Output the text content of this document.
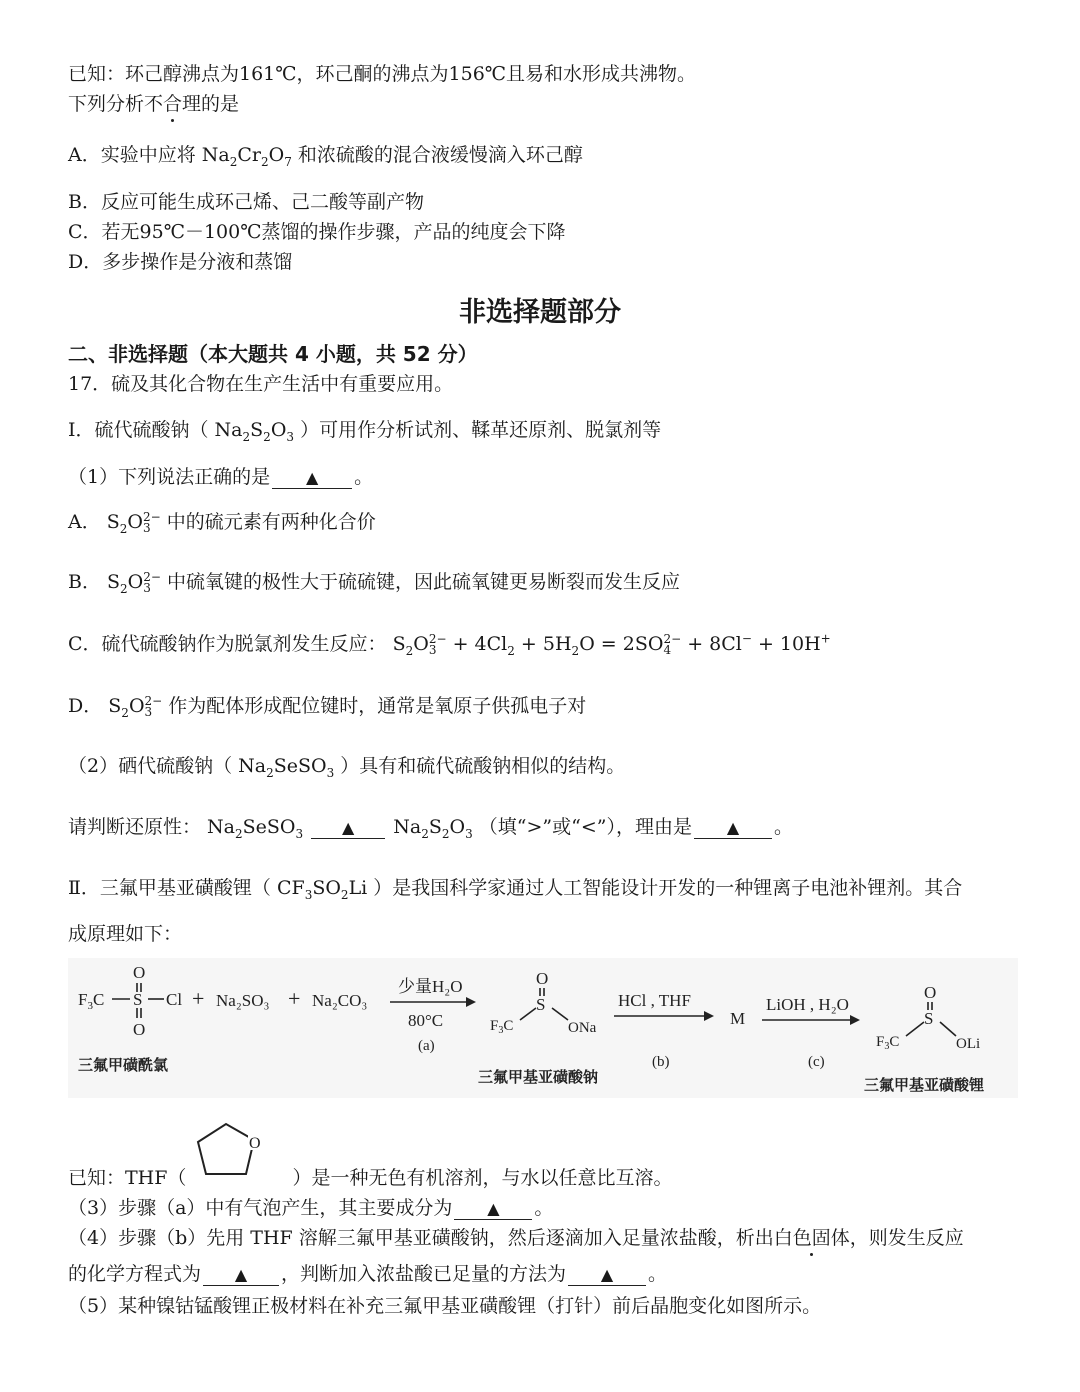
已知：环己醇沸点为161℃，环己酮的沸点为156℃且易和水形成共沸物。
下列分析不合理的是
A．实验中应将 $Na_2Cr_2O_7$ 和浓硫酸的混合液缓慢滴入环己醇
B．反应可能生成环己烯、己二酸等副产物
C．若无95℃－100℃蒸馏的操作步骤，产品的纯度会下降
D．多步操作是分液和蒸馏
非选择题部分
二、非选择题（本大题共 4 小题，共 52 分）
17．硫及其化合物在生产生活中有重要应用。
Ⅰ．硫代硫酸钠（ $Na_2S_2O_3$ ）可用作分析试剂、鞣革还原剂、脱氯剂等
（1）下列说法正确的是 ▲ 。
A． $S_2O$ 2−
3 中的硫元素有两种化合价
B． $S_2O$ 2−
3 中硫氧键的极性大于硫硫键，因此硫氧键更易断裂而发生反应
C．硫代硫酸钠作为脱氯剂发生反应： $S_2O$ 2−
$3 + 4Cl_2 + 5H_2O = 2SO$ 2−
4 + 8Cl− + 10H+
D． $S_2O$ 2−
3 作为配体形成配位键时，通常是氧原子供孤电子对
（2）硒代硫酸钠（ $Na_2SeSO_3$ ）具有和硫代硫酸钠相似的结构。
请判断还原性： $Na_2SeSO_3$ ▲ $Na_2S_2O_3$ （填“>”或“<”），理由是 ▲ 。
Ⅱ．三氟甲基亚磺酸锂（ $CF_3SO_2Li$ ）是我国科学家通过人工智能设计开发的一种锂离子电池补锂剂。其合
成原理如下：
$F_3C$ S Cl
O
O
+ Na₂SO₃ + Na₂CO₃
少量H₂O
80°C
(a)
$F_3C$
S
O
ONa
HCl , THF
(b)
M
LiOH , H₂O
(c)
$F_3C$
S
O
OLi
三氟甲磺酰氯
三氟甲基亚磺酸钠	三氟甲基亚磺酸锂
O
已知：THF（	）是一种无色有机溶剂，与水以任意比互溶。
（3）步骤（a）中有气泡产生，其主要成分为 ▲ 。
（4）步骤（b）先用 THF 溶解三氟甲基亚磺酸钠，然后逐滴加入足量浓盐酸，析出白色固体，则发生反应
的化学方程式为 ▲ ，判断加入浓盐酸已足量的方法为 ▲ 。
（5）某种镍钴锰酸锂正极材料在补充三氟甲基亚磺酸锂（打针）前后晶胞变化如图所示。
